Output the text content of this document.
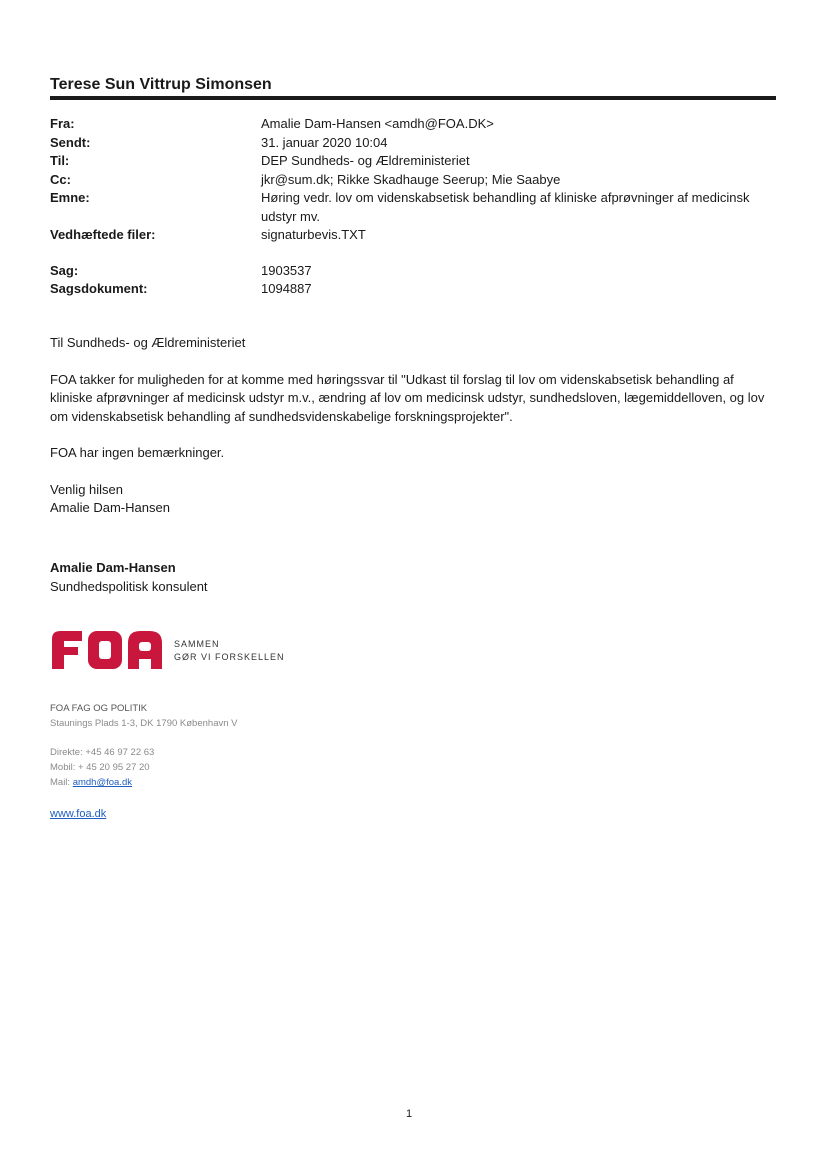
Terese Sun Vittrup Simonsen
Fra:	Amalie Dam-Hansen <amdh@FOA.DK>
Sendt:	31. januar 2020 10:04
Til:	DEP Sundheds- og Ældreministeriet
Cc:	jkr@sum.dk; Rikke Skadhauge Seerup; Mie Saabye
Emne:	Høring vedr. lov om videnskabsetisk behandling af kliniske afprøvninger af medicinsk udstyr mv.
Vedhæftede filer:	signaturbevis.TXT
Sag:	1903537
Sagsdokument:	1094887

Til Sundheds- og Ældreministeriet

FOA takker for muligheden for at komme med høringssvar til "Udkast til forslag til lov om videnskabsetisk behandling af kliniske afprøvninger af medicinsk udstyr m.v., ændring af lov om medicinsk udstyr, sundhedsloven, lægemiddelloven, og lov om videnskabsetisk behandling af sundhedsvidenskabelige forskningsprojekter".

FOA har ingen bemærkninger.

Venlig hilsen
Amalie Dam-Hansen
Amalie Dam-Hansen
Sundhedspolitisk konsulent
SAMMEN
GØR VI FORSKELLEN
FOA FAG OG POLITIK
Staunings Plads 1-3, DK 1790 København V
Direkte: +45 46 97 22 63
Mobil: + 45 20 95 27 20
Mail: amdh@foa.dk
www.foa.dk
1
